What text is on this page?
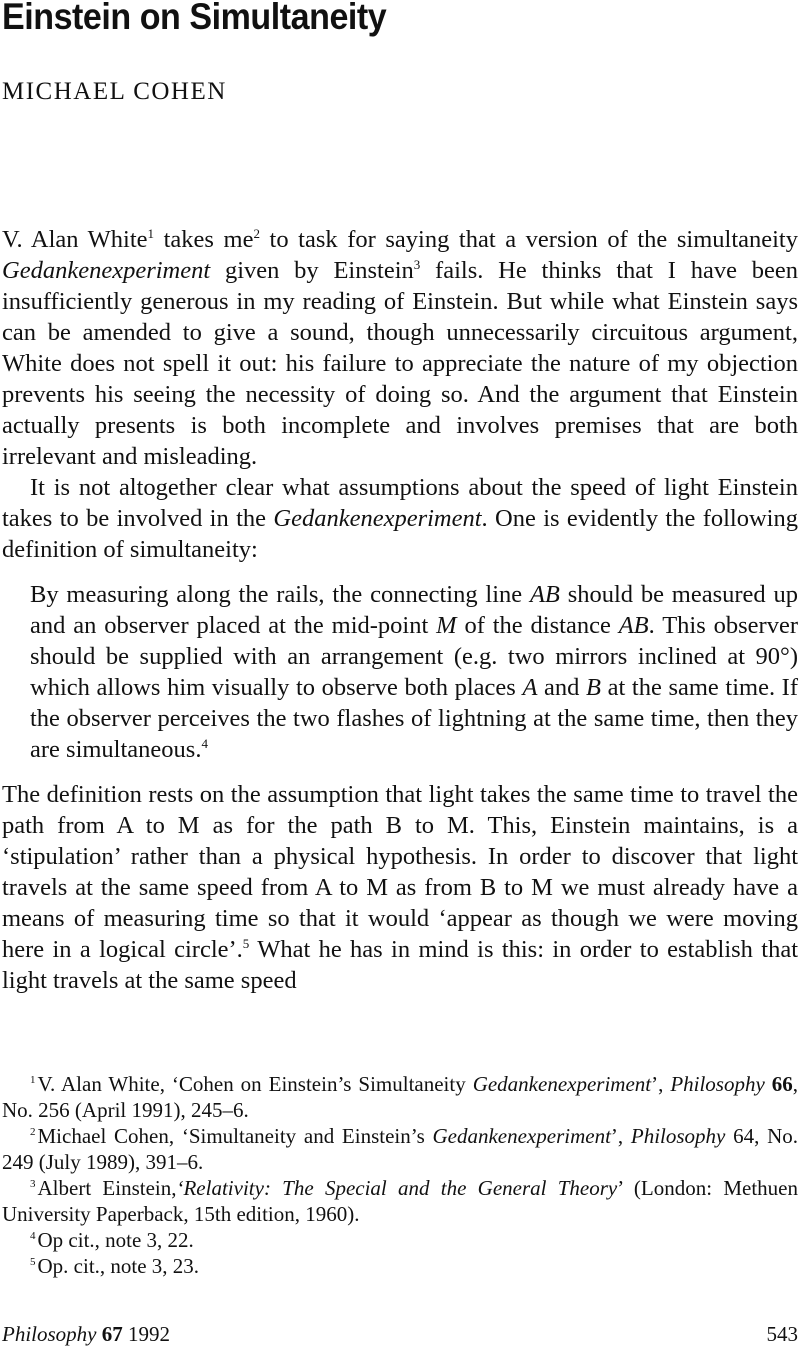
Einstein on Simultaneity
MICHAEL COHEN

V. Alan White$^1$ takes $me^2$ to task for saying that a version of the simultaneity Gedankenexperiment given by Einstein$^3$ fails. He thinks that I have been insufficiently generous in my reading of Einstein. But while what Einstein says can be amended to give a sound, though unnecessarily circuitous argument, White does not spell it out: his failure to appreciate the nature of my objection prevents his seeing the necessity of doing so. And the argument that Einstein actually presents is both incomplete and involves premises that are both irrelevant and misleading.

It is not altogether clear what assumptions about the speed of light Einstein takes to be involved in the Gedankenexperiment. One is evidently the following definition of simultaneity:

By measuring along the rails, the connecting line AB should be measured up and an observer placed at the mid-point M of the distance AB. This observer should be supplied with an arrangement (e.g. two mirrors inclined at 90°) which allows him visually to observe both places A and B at the same time. If the observer perceives the two flashes of lightning at the same time, then they are simultaneous.$^4$

The definition rests on the assumption that light takes the same time to travel the path from A to M as for the path B to M. This, Einstein maintains, is a ‘stipulation’ rather than a physical hypothesis. In order to discover that light travels at the same speed from A to M as from B to M we must already have a means of measuring time so that it would ‘appear as though we were moving here in a logical circle’.$^5$ What he has in mind is this: in order to establish that light travels at the same speed

$^1$V. Alan White, ‘Cohen on Einstein’s Simultaneity Gedankenexperiment’, Philosophy 66, No. 256 (April 1991), 245–6.

$^2$Michael Cohen, ‘Simultaneity and Einstein’s Gedankenexperiment’, Philosophy 64, No. 249 (July 1989), 391–6.

$^3$Albert Einstein,‘Relativity: The Special and the General Theory’ (London: Methuen University Paperback, 15th edition, 1960).

$^4$Op cit., note 3, 22.

$^5$Op. cit., note 3, 23.

Philosophy 67 1992	543
